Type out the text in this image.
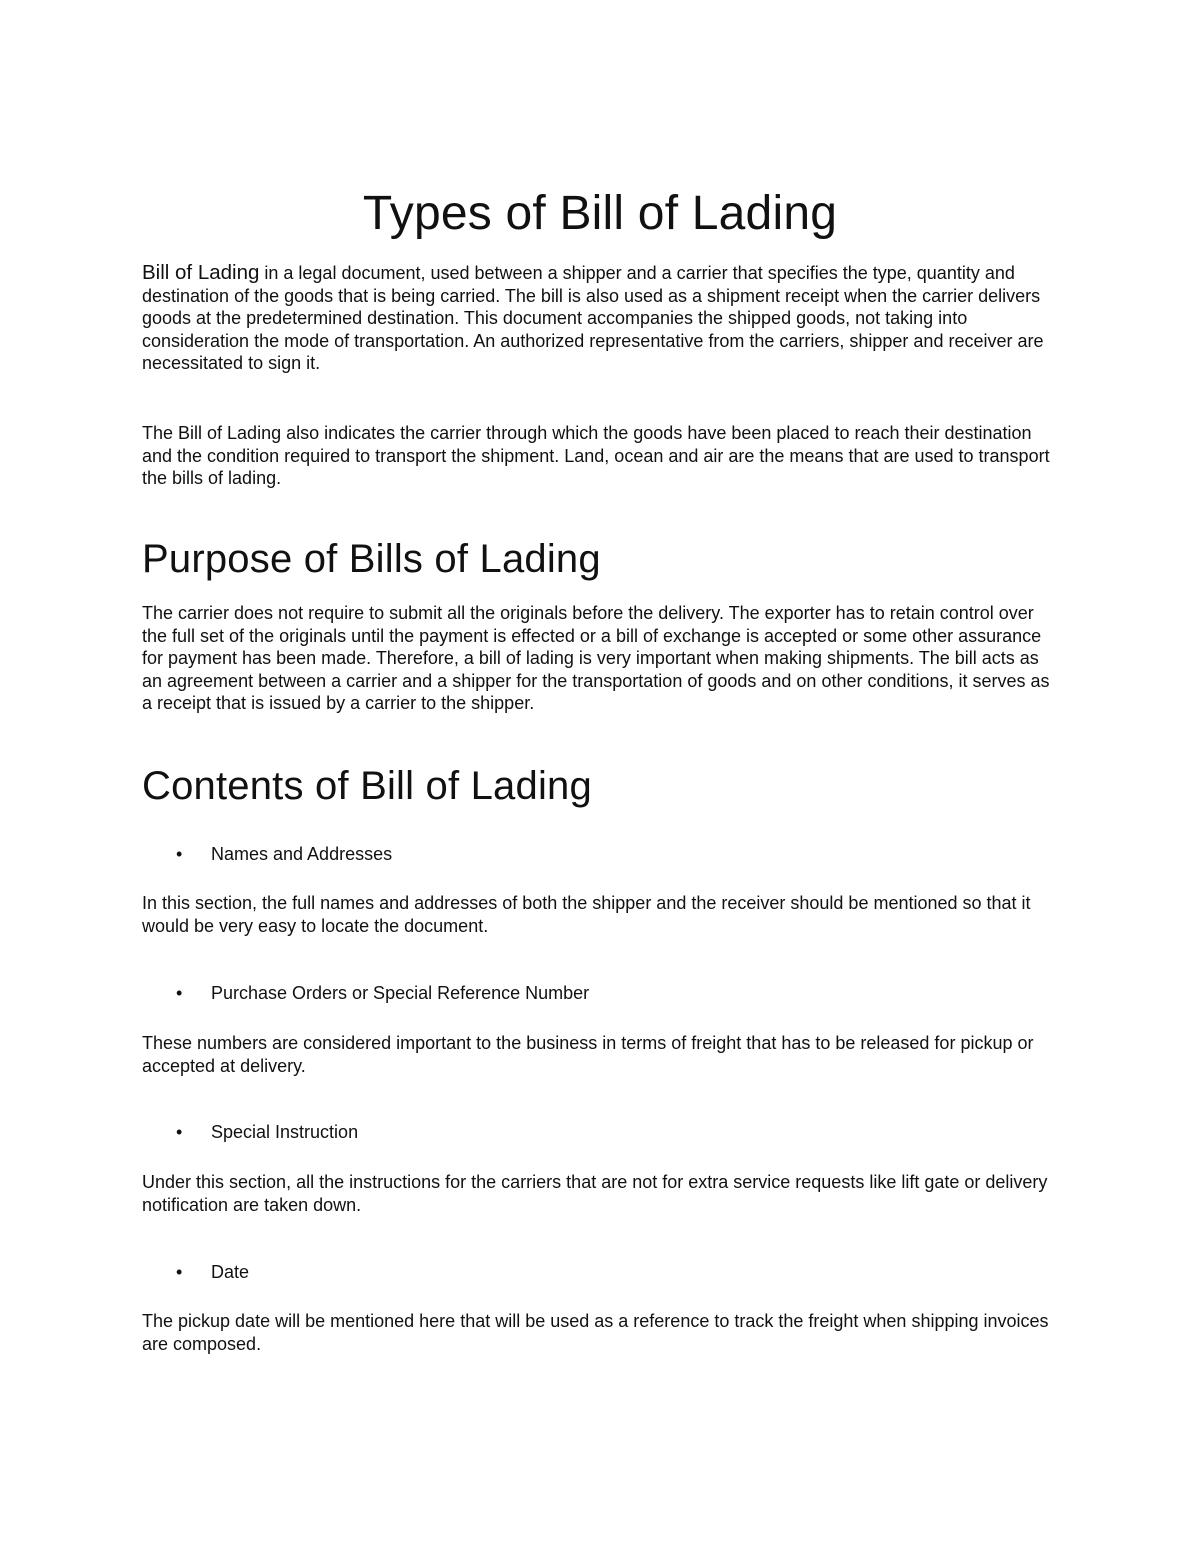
Types of Bill of Lading

Bill of Lading in a legal document, used between a shipper and a carrier that specifies the type, quantity and destination of the goods that is being carried. The bill is also used as a shipment receipt when the carrier delivers goods at the predetermined destination. This document accompanies the shipped goods, not taking into consideration the mode of transportation. An authorized representative from the carriers, shipper and receiver are necessitated to sign it.

The Bill of Lading also indicates the carrier through which the goods have been placed to reach their destination and the condition required to transport the shipment. Land, ocean and air are the means that are used to transport the bills of lading.

Purpose of Bills of Lading

The carrier does not require to submit all the originals before the delivery. The exporter has to retain control over the full set of the originals until the payment is effected or a bill of exchange is accepted or some other assurance for payment has been made. Therefore, a bill of lading is very important when making shipments. The bill acts as an agreement between a carrier and a shipper for the transportation of goods and on other conditions, it serves as a receipt that is issued by a carrier to the shipper.

Contents of Bill of Lading
• Names and Addresses

In this section, the full names and addresses of both the shipper and the receiver should be mentioned so that it would be very easy to locate the document.

• Purchase Orders or Special Reference Number

These numbers are considered important to the business in terms of freight that has to be released for pickup or accepted at delivery.

• Special Instruction

Under this section, all the instructions for the carriers that are not for extra service requests like lift gate or delivery notification are taken down.

• Date

The pickup date will be mentioned here that will be used as a reference to track the freight when shipping invoices are composed.
